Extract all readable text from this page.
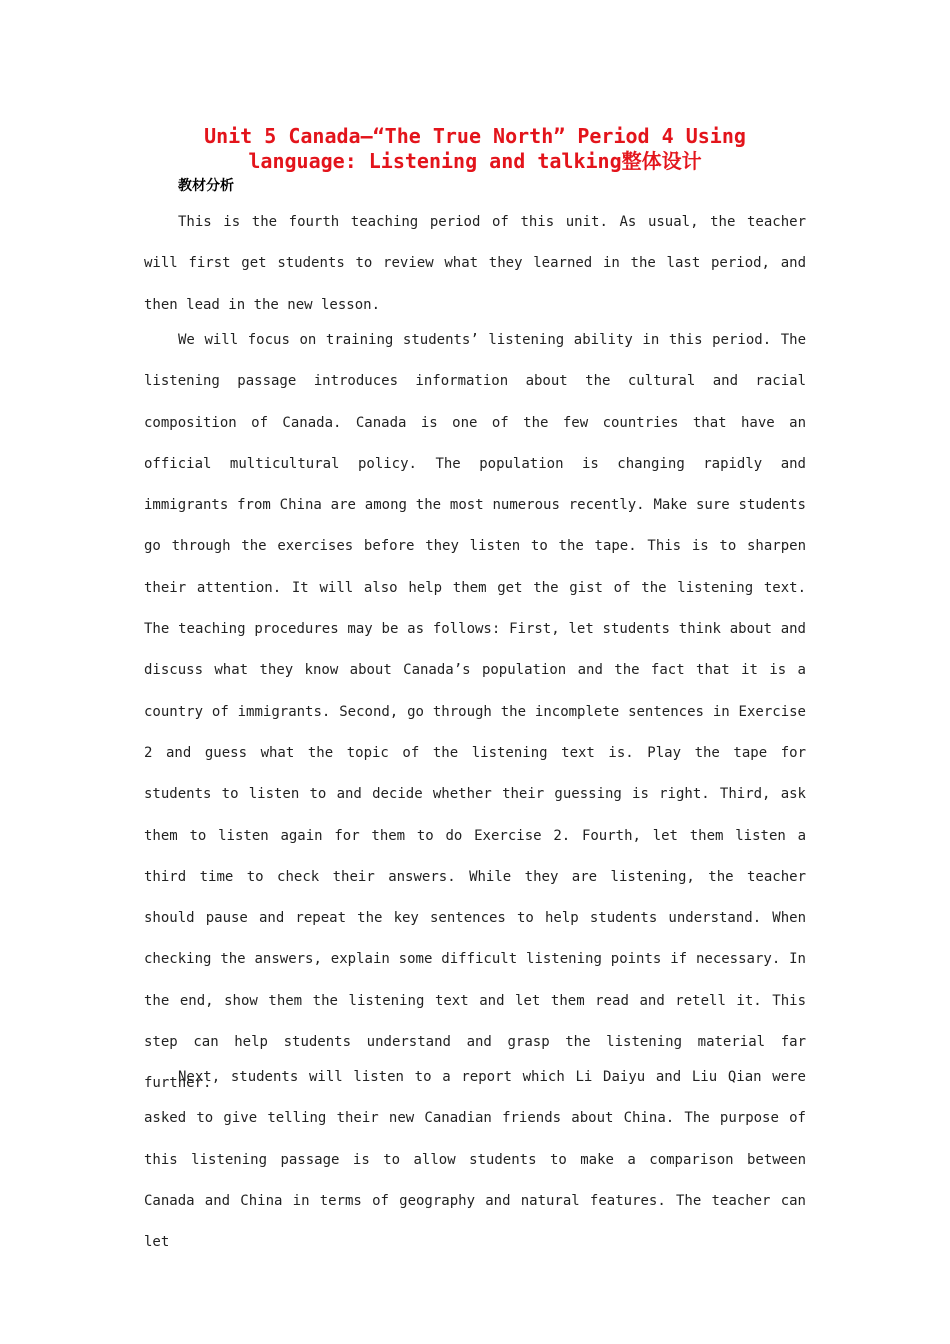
Unit 5 Canada—“The True North” Period 4 Using language: Listening and talking整体设计
教材分析

This is the fourth teaching period of this unit. As usual, the teacher will first get students to review what they learned in the last period, and then lead in the new lesson.

We will focus on training students’ listening ability in this period. The listening passage introduces information about the cultural and racial composition of Canada. Canada is one of the few countries that have an official multicultural policy. The population is changing rapidly and immigrants from China are among the most numerous recently. Make sure students go through the exercises before they listen to the tape. This is to sharpen their attention. It will also help them get the gist of the listening text. The teaching procedures may be as follows: First, let students think about and discuss what they know about Canada’s population and the fact that it is a country of immigrants. Second, go through the incomplete sentences in Exercise 2 and guess what the topic of the listening text is. Play the tape for students to listen to and decide whether their guessing is right. Third, ask them to listen again for them to do Exercise 2. Fourth, let them listen a third time to check their answers. While they are listening, the teacher should pause and repeat the key sentences to help students understand. When checking the answers, explain some difficult listening points if necessary. In the end, show them the listening text and let them read and retell it. This step can help students understand and grasp the listening material far further.

Next, students will listen to a report which Li Daiyu and Liu Qian were asked to give telling their new Canadian friends about China. The purpose of this listening passage is to allow students to make a comparison between Canada and China in terms of geography and natural features. The teacher can let
